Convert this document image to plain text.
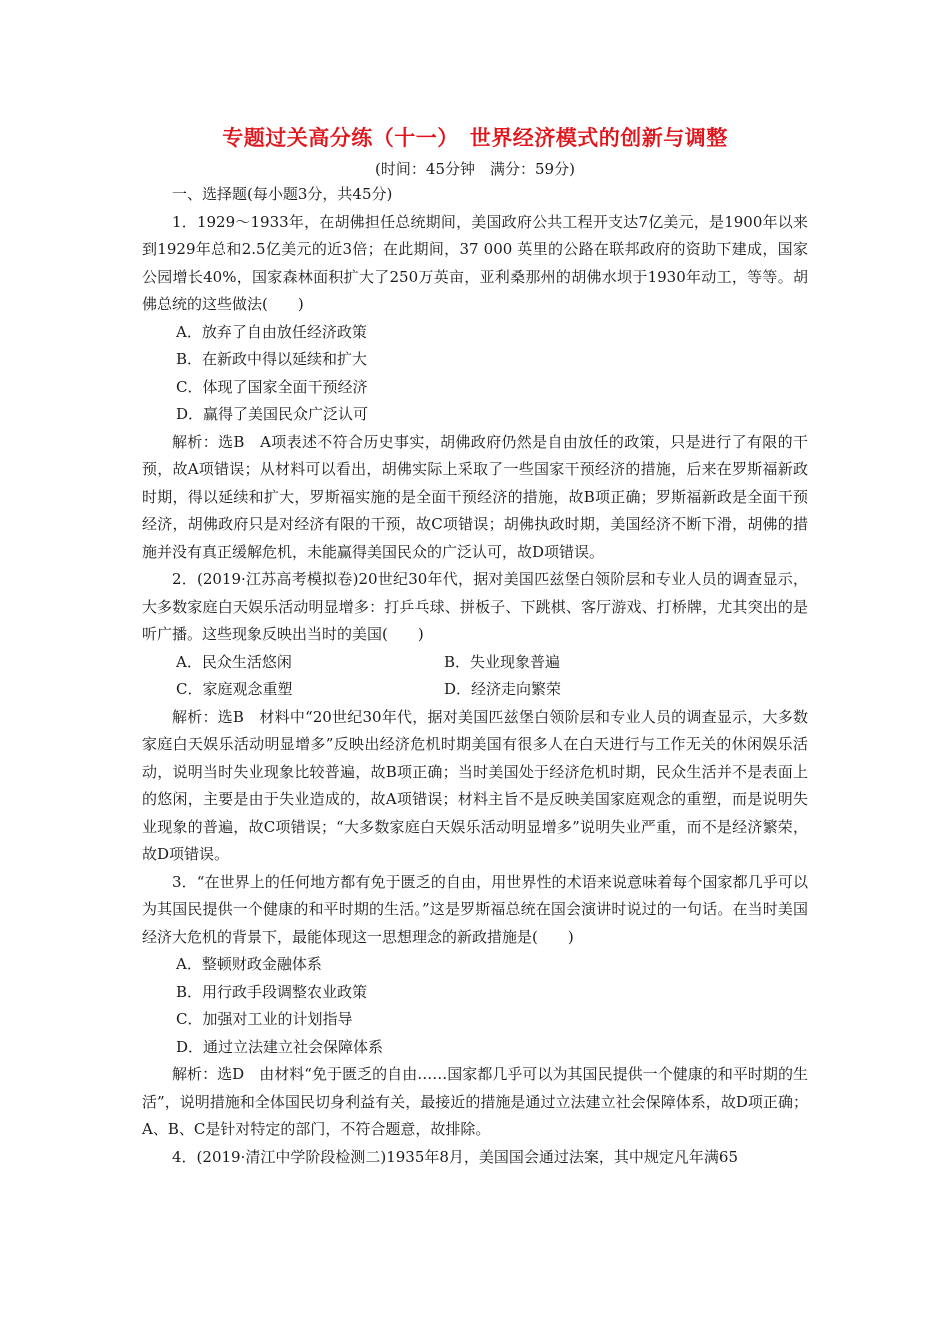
专题过关高分练（十一）　世界经济模式的创新与调整
(时间：45分钟　满分：59分)

一、选择题(每小题3分，共45分)

1．1929～1933年，在胡佛担任总统期间，美国政府公共工程开支达7亿美元，是1900年以来到1929年总和2.5亿美元的近3倍；在此期间，37 000 英里的公路在联邦政府的资助下建成，国家公园增长40%，国家森林面积扩大了250万英亩，亚利桑那州的胡佛水坝于1930年动工，等等。胡佛总统的这些做法(　　)

A．放弃了自由放任经济政策

B．在新政中得以延续和扩大

C．体现了国家全面干预经济

D．赢得了美国民众广泛认可

解析：选B　A项表述不符合历史事实，胡佛政府仍然是自由放任的政策，只是进行了有限的干预，故A项错误；从材料可以看出，胡佛实际上采取了一些国家干预经济的措施，后来在罗斯福新政时期，得以延续和扩大，罗斯福实施的是全面干预经济的措施，故B项正确；罗斯福新政是全面干预经济，胡佛政府只是对经济有限的干预，故C项错误；胡佛执政时期，美国经济不断下滑，胡佛的措施并没有真正缓解危机，未能赢得美国民众的广泛认可，故D项错误。

2．(2019·江苏高考模拟卷)20世纪30年代，据对美国匹兹堡白领阶层和专业人员的调查显示，大多数家庭白天娱乐活动明显增多：打乒乓球、拼板子、下跳棋、客厅游戏、打桥牌，尤其突出的是听广播。这些现象反映出当时的美国(　　)

A．民众生活悠闲	B．失业现象普遍
C．家庭观念重塑	D．经济走向繁荣

解析：选B　材料中“20世纪30年代，据对美国匹兹堡白领阶层和专业人员的调查显示，大多数家庭白天娱乐活动明显增多”反映出经济危机时期美国有很多人在白天进行与工作无关的休闲娱乐活动，说明当时失业现象比较普遍，故B项正确；当时美国处于经济危机时期，民众生活并不是表面上的悠闲，主要是由于失业造成的，故A项错误；材料主旨不是反映美国家庭观念的重塑，而是说明失业现象的普遍，故C项错误；“大多数家庭白天娱乐活动明显增多”说明失业严重，而不是经济繁荣，故D项错误。

3．“在世界上的任何地方都有免于匮乏的自由，用世界性的术语来说意味着每个国家都几乎可以为其国民提供一个健康的和平时期的生活。”这是罗斯福总统在国会演讲时说过的一句话。在当时美国经济大危机的背景下，最能体现这一思想理念的新政措施是(　　)

A．整顿财政金融体系

B．用行政手段调整农业政策

C．加强对工业的计划指导

D．通过立法建立社会保障体系

解析：选D　由材料“免于匮乏的自由……国家都几乎可以为其国民提供一个健康的和平时期的生活”，说明措施和全体国民切身利益有关，最接近的措施是通过立法建立社会保障体系，故D项正确；A、B、C是针对特定的部门，不符合题意，故排除。

4．(2019·清江中学阶段检测二)1935年8月，美国国会通过法案，其中规定凡年满65
